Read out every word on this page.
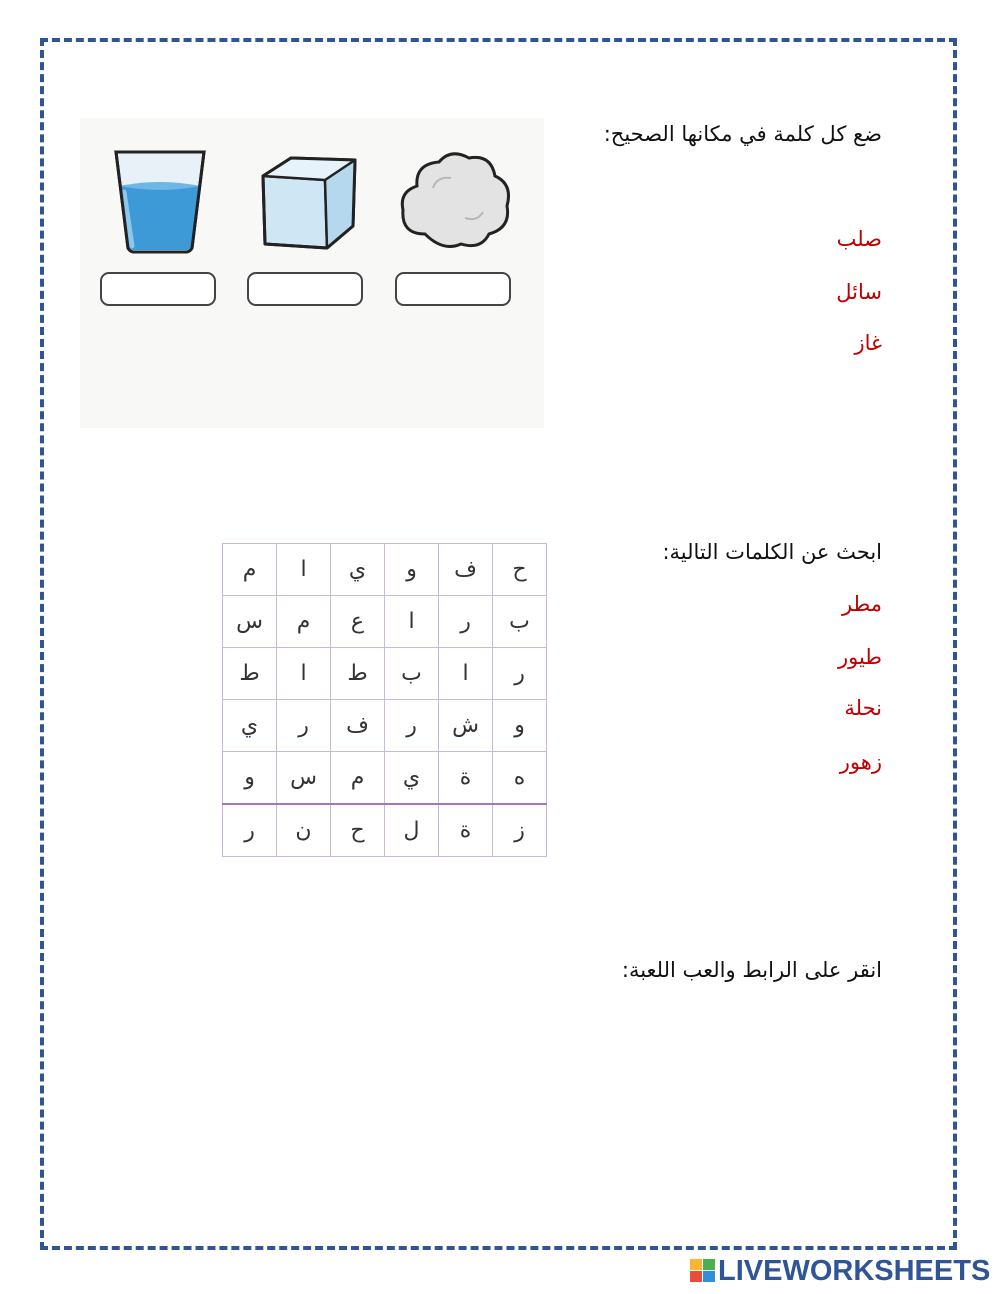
ضع كل كلمة في مكانها الصحيح:
صلب
سائل
غاز
ابحث عن الكلمات التالية:
مطر
طيور
نحلة
زهور
ح	ف	و	ي	ا	م
ب	ر	ا	ع	م	س
ر	ا	ب	ط	ا	ط
و	ش	ر	ف	ر	ي
ه	ة	ي	م	س	و
ز	ة	ل	ح	ن	ر
انقر على الرابط والعب اللعبة:
LIVEWORKSHEETS
